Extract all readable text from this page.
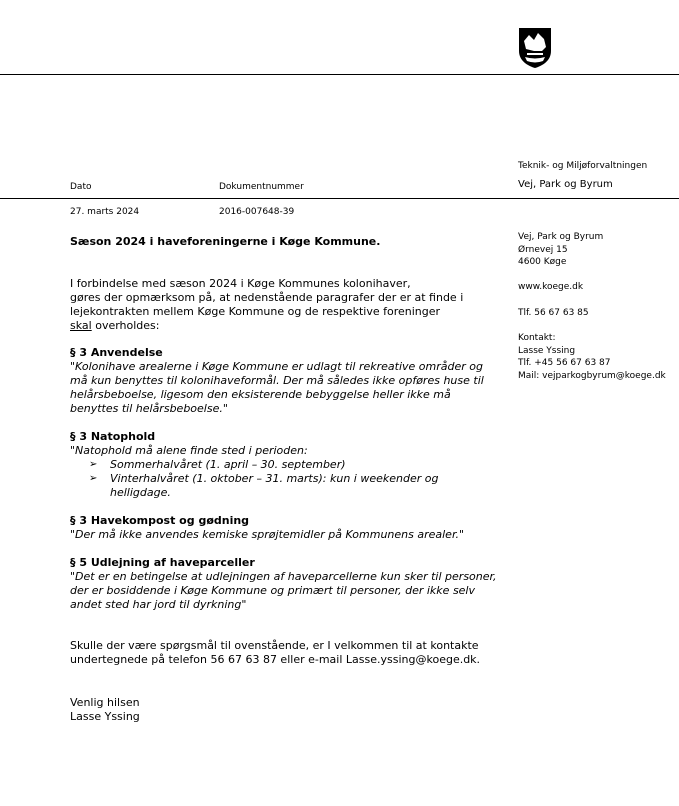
Teknik- og Miljøforvaltningen
Vej, Park og Byrum
Dato	Dokumentnummer
27. marts 2024	2016-007648-39
Vej, Park og Byrum
Ørnevej 15
4600 Køge
www.koege.dk
Tlf. 56 67 63 85
Kontakt:
Lasse Yssing
Tlf. +45 56 67 63 87
Mail: vejparkogbyrum@koege.dk
Sæson 2024 i haveforeningerne i Køge Kommune.
I forbindelse med sæson 2024 i Køge Kommunes kolonihaver,
gøres der opmærksom på, at nedenstående paragrafer der er at finde i
lejekontrakten mellem Køge Kommune og de respektive foreninger
skal overholdes:
§ 3 Anvendelse
"Kolonihave arealerne i Køge Kommune er udlagt til rekreative områder og
må kun benyttes til kolonihaveformål. Der må således ikke opføres huse til
helårsbeboelse, ligesom den eksisterende bebyggelse heller ikke må
benyttes til helårsbeboelse."
§ 3 Natophold
"Natophold må alene finde sted i perioden:
➢ Sommerhalvåret (1. april – 30. september)
➢ Vinterhalvåret (1. oktober – 31. marts): kun i weekender og
helligdage.
§ 3 Havekompost og gødning
"Der må ikke anvendes kemiske sprøjtemidler på Kommunens arealer."
§ 5 Udlejning af haveparceller
"Det er en betingelse at udlejningen af haveparcellerne kun sker til personer,
der er bosiddende i Køge Kommune og primært til personer, der ikke selv
andet sted har jord til dyrkning"
Skulle der være spørgsmål til ovenstående, er I velkommen til at kontakte
undertegnede på telefon 56 67 63 87 eller e-mail Lasse.yssing@koege.dk.
Venlig hilsen
Lasse Yssing
